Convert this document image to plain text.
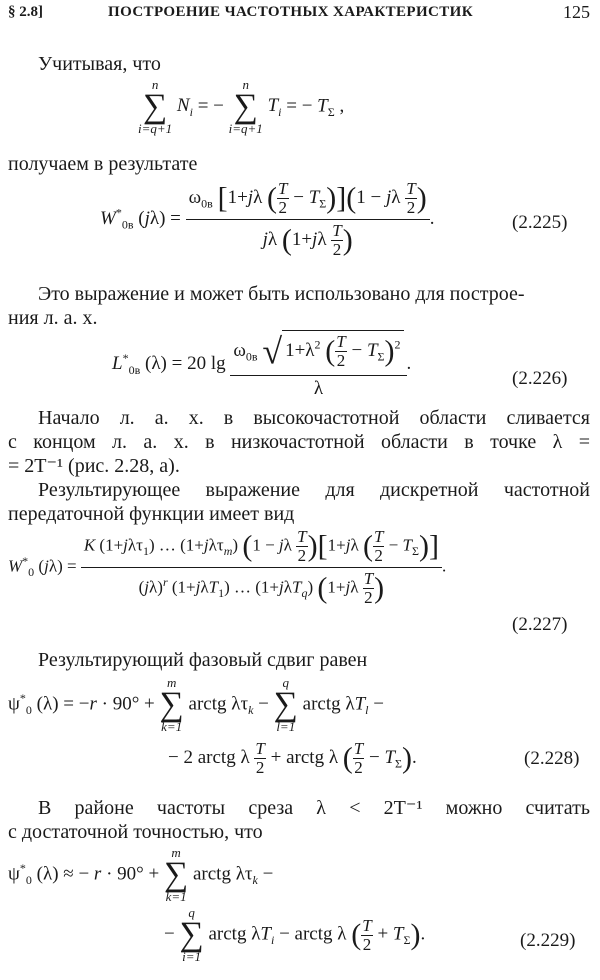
§ 2.8]	ПОСТРОЕНИЕ ЧАСТОТНЫХ ХАРАКТЕРИСТИК	125
Учитывая, что
n
∑
i=q+1
$N_i$ = −
n
∑
i=q+1
$T_i$ = − $T_\Sigma$ ,
получаем в результате
$W^*_{0в}$ $(j\lambda) = \frac{\omega_{0в} [1+j\lambda ( \frac{T}{2} - T_\Sigma)](1 - j\lambda \frac{T}{2} )}{j\lambda (1+j\lambda \frac{T}{2} )}$ .	(2.225)
Это выражение и может быть использовано для построе-
ния л. а. х.
$L^*_{0в}$ (λ) = 20 $\lg \frac{\omega_{0в} √ 1+\lambda^2 ( \frac{T}{2} - T_\Sigma)^2}{\lambda}$ .
(2.226)
Начало л. а. х. в высокочастотной области сливается
с концом л. а. х. в низкочастотной области в точке λ =
= 2T⁻¹ (рис. 2.28, а).
Результирующее выражение для дискретной частотной
передаточной функции имеет вид
$W^*_0$ $(j\lambda) = \frac{K (1+j\lambda\tau_1) \dots (1+j\lambda\tau_m) (1 - j\lambda \frac{T}{2} )[1+j\lambda ( \frac{T}{2} - T_\Sigma)]}{(j\lambda)^r (1+j\lambda T_1) \dots (1+j\lambda T_q) (1+j\lambda \frac{T}{2} )}$ .
(2.227)
Результирующий фазовый сдвиг равен
$\psi^*_0$ (λ) = −r · 90° +
m
∑
k=1
arctg $\lambda\tau_k$ −
q
∑
l=1
arctg $\lambda T_l$ −
− 2 arctg λ $\frac{T}{2}$ + arctg λ ( $\frac{T}{2} - T_\Sigma$).	(2.228)
В районе частоты среза λ < 2T⁻¹ можно считать
с достаточной точностью, что
$\psi^*_0$ (λ) ≈ − r · 90° +
m
∑
k=1
arctg $\lambda\tau_k$ −
−
q
∑
i=1
arctg $\lambda T_i$ − arctg λ ( $\frac{T}{2} + T_\Sigma$).	(2.229)
